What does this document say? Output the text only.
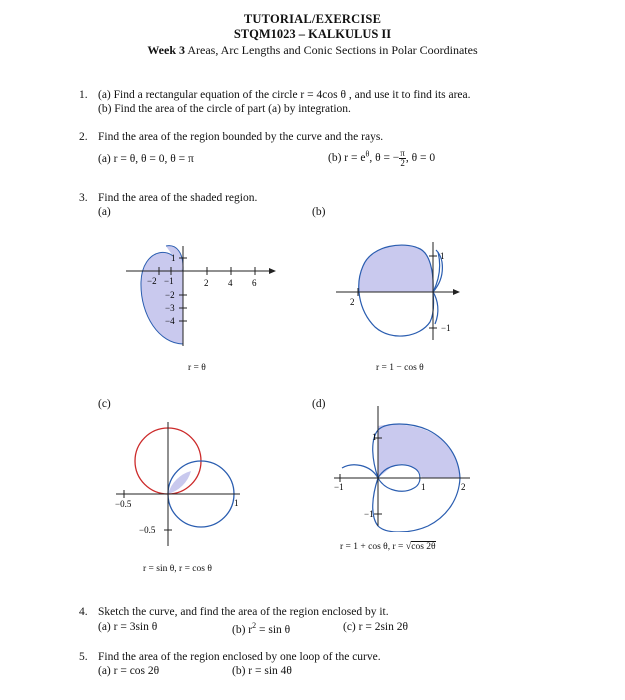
TUTORIAL/EXERCISE
STQM1023 – KALKULUS II
Week 3 Areas, Arc Lengths and Conic Sections in Polar Coordinates
1. (a) Find a rectangular equation of the circle r = 4cos θ , and use it to find its area.
(b) Find the area of the circle of part (a) by integration.
2. Find the area of the region bounded by the curve and the rays.
(a) r = θ, θ = 0, θ = π	(b) $r = e^\theta$, θ = − $\frac{\pi}{2}$ , θ = 0
3. Find the area of the shaded region.
(a)	(b)
(c)	(d)
2 4 6
−2 −1
1
−2
−3
−4
r = θ
1
2
−1
r = 1 − cos θ
1
−0.5
−0.5
r = sin θ, r = cos θ
1
−1	1	2
−1
r = 1 + cos θ, r = √cos 2θ
4. Sketch the curve, and find the area of the region enclosed by it.
(a) r = 3sin θ	(b) $r^2 = \sin \theta$	(c) r = 2sin 2θ
5. Find the area of the region enclosed by one loop of the curve.
(a) r = cos 2θ	(b) r = sin 4θ
